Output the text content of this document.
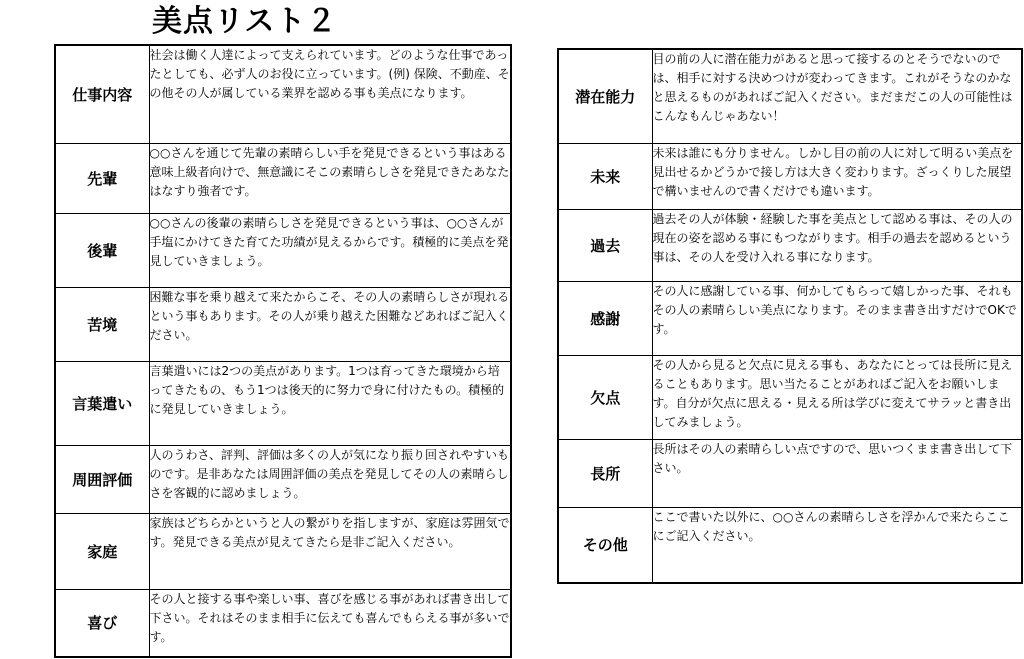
美点リスト２
仕事内容	社会は働く人達によって支えられています。どのような仕事であったとしても、必ず人のお役に立っています。(例) 保険、不動産、その他その人が属している業界を認める事も美点になります。
先輩	○○さんを通じて先輩の素晴らしい手を発見できるという事はある意味上級者向けで、無意識にそこの素晴らしさを発見できたあなたはなすり強者です。
後輩	○○さんの後輩の素晴らしさを発見できるという事は、○○さんが手塩にかけてきた育てた功績が見えるからです。積極的に美点を発見していきましょう。
苦境	困難な事を乗り越えて来たからこそ、その人の素晴らしさが現れるという事もあります。その人が乗り越えた困難などあればご記入ください。
言葉遣い	言葉遣いには2つの美点があります。1つは育ってきた環境から培ってきたもの、もう1つは後天的に努力で身に付けたもの。積極的に発見していきましょう。
周囲評価	人のうわさ、評判、評価は多くの人が気になり振り回されやすいものです。是非あなたは周囲評価の美点を発見してその人の素晴らしさを客観的に認めましょう。
家庭	家族はどちらかというと人の繋がりを指しますが、家庭は雰囲気です。発見できる美点が見えてきたら是非ご記入ください。
喜び	その人と接する事や楽しい事、喜びを感じる事があれば書き出して下さい。それはそのまま相手に伝えても喜んでもらえる事が多いです。
潜在能力	目の前の人に潜在能力があると思って接するのとそうでないのでは、相手に対する決めつけが変わってきます。これがそうなのかなと思えるものがあればご記入ください。まだまだこの人の可能性はこんなもんじゃあない！
未来	未来は誰にも分りません。しかし目の前の人に対して明るい美点を見出せるかどうかで接し方は大きく変わります。ざっくりした展望で構いませんので書くだけでも違います。
過去	過去その人が体験・経験した事を美点として認める事は、その人の現在の姿を認める事にもつながります。相手の過去を認めるという事は、その人を受け入れる事になります。
感謝	その人に感謝している事、何かしてもらって嬉しかった事、それもその人の素晴らしい美点になります。そのまま書き出すだけでOKです。
欠点	その人から見ると欠点に見える事も、あなたにとっては長所に見えることもあります。思い当たることがあればご記入をお願いします。自分が欠点に思える・見える所は学びに変えてサラッと書き出してみましょう。
長所	長所はその人の素晴らしい点ですので、思いつくまま書き出して下さい。
その他	ここで書いた以外に、○○さんの素晴らしさを浮かんで来たらここにご記入ください。
